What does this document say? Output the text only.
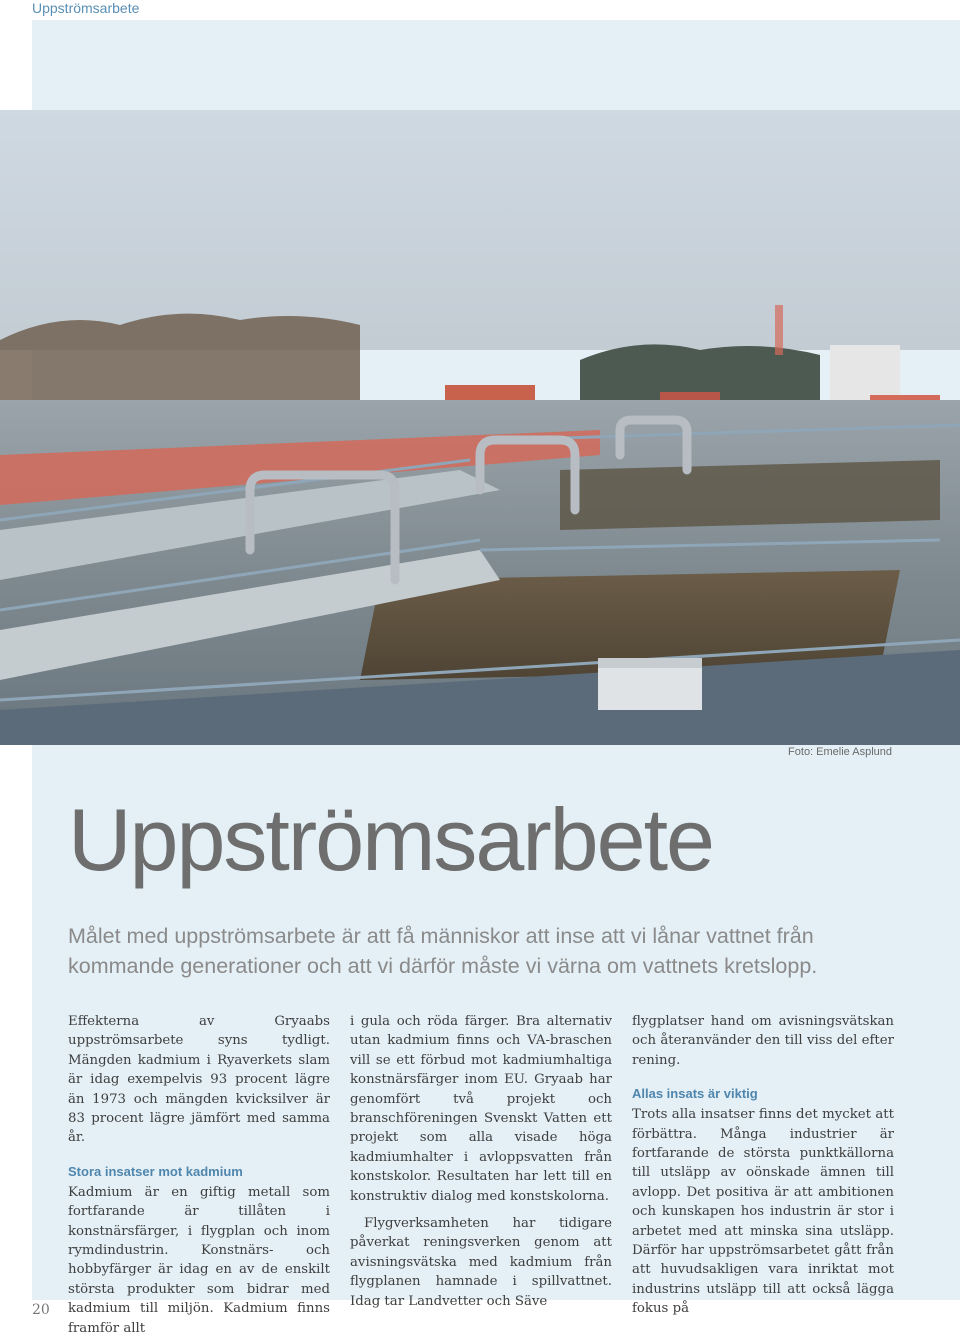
Uppströmsarbete
Foto: Emelie Asplund
Uppströmsarbete

Målet med uppströmsarbete är att få människor att inse att vi lånar vattnet från kommande generationer och att vi därför måste vi värna om vattnets kretslopp.

Effekterna av Gryaabs uppströmsarbete syns tydligt. Mängden kadmium i Ryaverkets slam är idag exempelvis 93 procent lägre än 1973 och mängden kvicksilver är 83 procent lägre jämfört med samma år.

Stora insatser mot kadmium

Kadmium är en giftig metall som fortfarande är tillåten i konstnärsfärger, i flygplan och inom rymdindustrin. Konstnärs- och hobbyfärger är idag en av de enskilt största produkter som bidrar med kadmium till miljön. Kadmium finns framför allt

i gula och röda färger. Bra alternativ utan kadmium finns och VA-braschen vill se ett förbud mot kadmiumhaltiga konstnärsfärger inom EU. Gryaab har genomfört två projekt och branschföreningen Svenskt Vatten ett projekt som alla visade höga kadmiumhalter i avloppsvatten från konstskolor. Resultaten har lett till en konstruktiv dialog med konstskolorna.

Flygverksamheten har tidigare påverkat reningsverken genom att avisningsvätska med kadmium från flygplanen hamnade i spillvattnet. Idag tar Landvetter och Säve

flygplatser hand om avisningsvätskan och återanvänder den till viss del efter rening.

Allas insats är viktig

Trots alla insatser finns det mycket att förbättra. Många industrier är fortfarande de största punktkällorna till utsläpp av oönskade ämnen till avlopp. Det positiva är att ambitionen och kunskapen hos industrin är stor i arbetet med att minska sina utsläpp. Därför har uppströmsarbetet gått från att huvudsakligen vara inriktat mot industrins utsläpp till att också lägga fokus på

20
